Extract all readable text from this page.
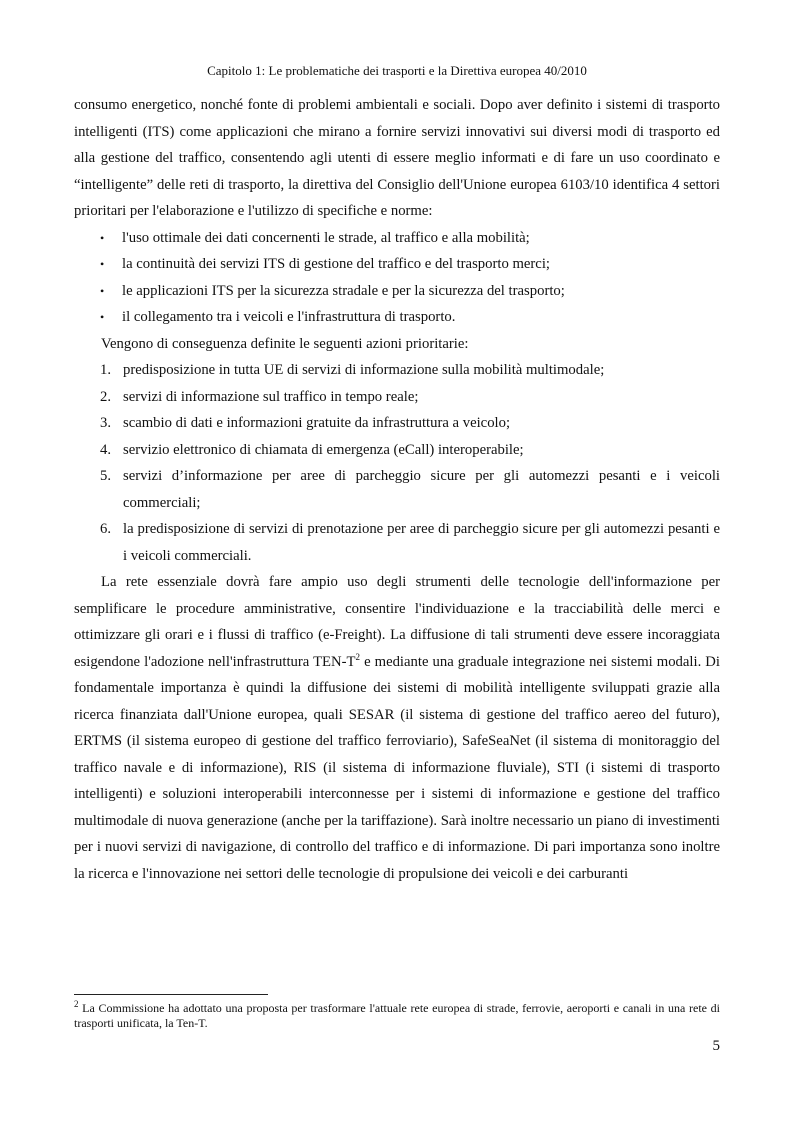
Capitolo 1: Le problematiche dei trasporti e la Direttiva europea 40/2010

consumo energetico, nonché fonte di problemi ambientali e sociali. Dopo aver definito i sistemi di trasporto intelligenti (ITS) come applicazioni che mirano a fornire servizi innovativi sui diversi modi di trasporto ed alla gestione del traffico, consentendo agli utenti di essere meglio informati e di fare un uso coordinato e “intelligente” delle reti di trasporto, la direttiva del Consiglio dell'Unione europea 6103/10 identifica 4 settori prioritari per l'elaborazione e l'utilizzo di specifiche e norme:

• l'uso ottimale dei dati concernenti le strade, al traffico e alla mobilità;
• la continuità dei servizi ITS di gestione del traffico e del trasporto merci;
• le applicazioni ITS per la sicurezza stradale e per la sicurezza del trasporto;
• il collegamento tra i veicoli e l'infrastruttura di trasporto.

Vengono di conseguenza definite le seguenti azioni prioritarie:

1. predisposizione in tutta UE di servizi di informazione sulla mobilità multimodale;
2. servizi di informazione sul traffico in tempo reale;
3. scambio di dati e informazioni gratuite da infrastruttura a veicolo;
4. servizio elettronico di chiamata di emergenza (eCall) interoperabile;
5. servizi d’informazione per aree di parcheggio sicure per gli automezzi pesanti e i veicoli commerciali;
6. la predisposizione di servizi di prenotazione per aree di parcheggio sicure per gli automezzi pesanti e i veicoli commerciali.

La rete essenziale dovrà fare ampio uso degli strumenti delle tecnologie dell'informazione per semplificare le procedure amministrative, consentire l'individuazione e la tracciabilità delle merci e ottimizzare gli orari e i flussi di traffico (e-Freight). La diffusione di tali strumenti deve essere incoraggiata esigendone l'adozione nell'infrastruttura TEN-$T^2$ e mediante una graduale integrazione nei sistemi modali. Di fondamentale importanza è quindi la diffusione dei sistemi di mobilità intelligente sviluppati grazie alla ricerca finanziata dall'Unione europea, quali SESAR (il sistema di gestione del traffico aereo del futuro), ERTMS (il sistema europeo di gestione del traffico ferroviario), SafeSeaNet (il sistema di monitoraggio del traffico navale e di informazione), RIS (il sistema di informazione fluviale), STI (i sistemi di trasporto intelligenti) e soluzioni interoperabili interconnesse per i sistemi di informazione e gestione del traffico multimodale di nuova generazione (anche per la tariffazione). Sarà inoltre necessario un piano di investimenti per i nuovi servizi di navigazione, di controllo del traffico e di informazione. Di pari importanza sono inoltre la ricerca e l'innovazione nei settori delle tecnologie di propulsione dei veicoli e dei carburanti

$^2$ La Commissione ha adottato una proposta per trasformare l'attuale rete europea di strade, ferrovie, aeroporti e canali in una rete di trasporti unificata, la Ten-T.
5
